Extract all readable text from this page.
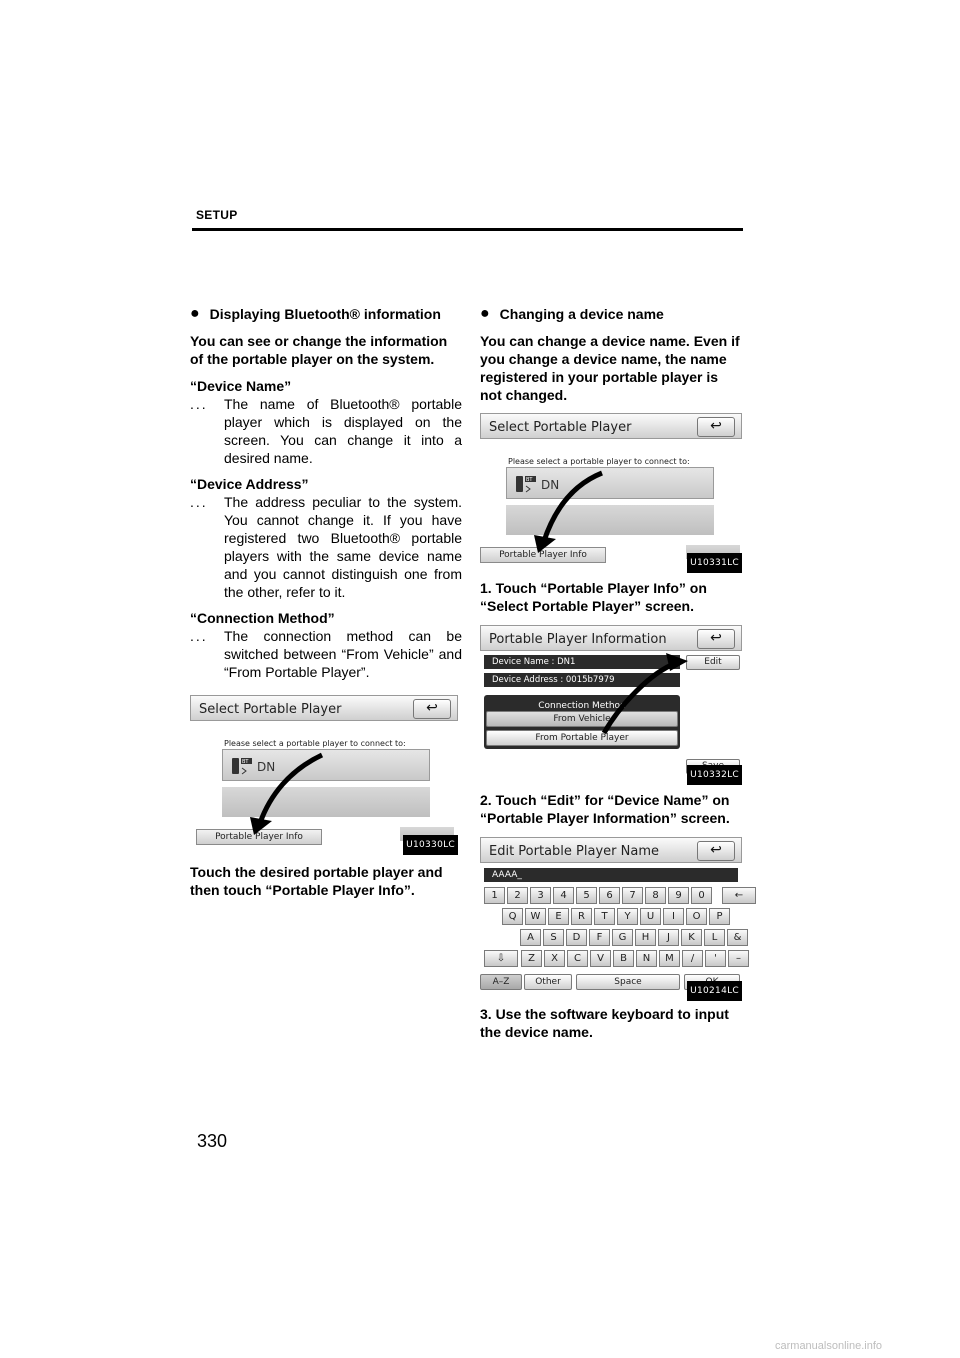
SETUP
● Displaying Bluetooth® information
You can see or change the information of the portable player on the system.
“Device Name”
...	The name of Bluetooth® portable player which is displayed on the screen. You can change it into a desired name.
“Device Address”
...	The address peculiar to the system. You cannot change it. If you have registered two Bluetooth® portable players with the same device name and you cannot distinguish one from the other, refer to it.
“Connection Method”
...	The connection method can be switched between “From Vehicle” and “From Portable Player”.
Select Portable Player	↩
Please select a portable player to connect to:
BT DN
Portable Player Info
U10330LC
Touch the desired portable player and then touch “Portable Player Info”.
● Changing a device name
You can change a device name. Even if you change a device name, the name registered in your portable player is not changed.
Select Portable Player	↩
Please select a portable player to connect to:
BT DN
Portable Player Info
U10331LC
1. Touch “Portable Player Info” on “Select Portable Player” screen.
Portable Player Information	↩
Device Name : DN1
Device Address : 0015b7979
Edit
Connection Method
From Vehicle
From Portable Player
U10332LC
2. Touch “Edit” for “Device Name” on “Portable Player Information” screen.
Edit Portable Player Name	↩
AAAA_
1	2	3	4	5	6	7	8	9	0	←
Q	W	E	R	T	Y	U	I	O	P
A	S	D	F	G	H	J	K	L	&
⇩	Z	X	C	V	B	N	M	/	'	–
A–Z	Other	Space
U10214LC
3. Use the software keyboard to input the device name.
330
carmanualsonline.info
